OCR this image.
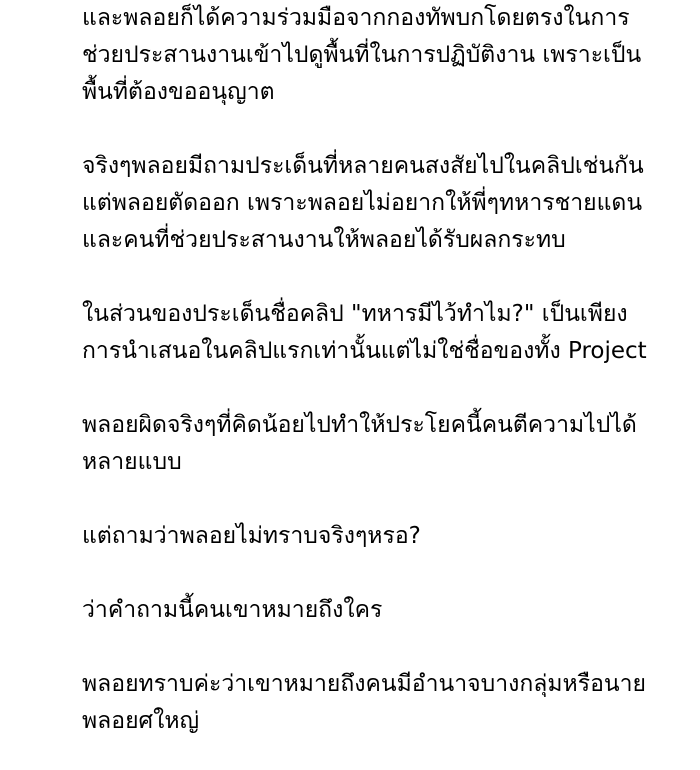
และพลอยก็ได้ความร่วมมือจากกองทัพบกโดยตรงในการ
ช่วยประสานงานเข้าไปดูพื้นที่ในการปฏิบัติงาน เพราะเป็น
พื้นที่ต้องขออนุญาต

จริงๆพลอยมีถามประเด็นที่หลายคนสงสัยไปในคลิปเช่นกัน
แต่พลอยตัดออก เพราะพลอยไม่อยากให้พี่ๆทหารชายแดน
และคนที่ช่วยประสานงานให้พลอยได้รับผลกระทบ

ในส่วนของประเด็นชื่อคลิป "ทหารมีไว้ทำไม?" เป็นเพียง
การนำเสนอในคลิปแรกเท่านั้นแต่ไม่ใช่ชื่อของทั้ง Project

พลอยผิดจริงๆที่คิดน้อยไปทำให้ประโยคนี้คนตีความไปได้
หลายแบบ

แต่ถามว่าพลอยไม่ทราบจริงๆหรอ?

ว่าคำถามนี้คนเขาหมายถึงใคร

พลอยทราบค่ะว่าเขาหมายถึงคนมีอำนาจบางกลุ่มหรือนาย
พลอยศใหญ่
